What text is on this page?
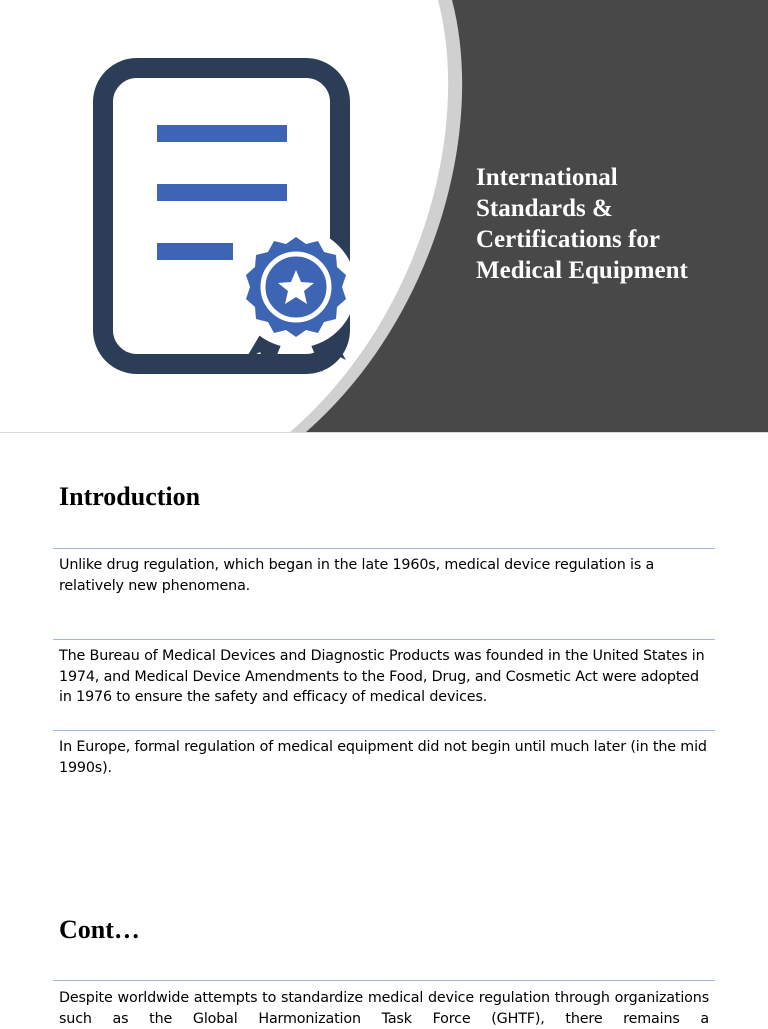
International
Standards &
Certifications for
Medical Equipment
Introduction

Unlike drug regulation, which began in the late 1960s, medical device regulation is a relatively new phenomena.

The Bureau of Medical Devices and Diagnostic Products was founded in the United States in 1974, and Medical Device Amendments to the Food, Drug, and Cosmetic Act were adopted in 1976 to ensure the safety and efficacy of medical devices.

In Europe, formal regulation of medical equipment did not begin until much later (in the mid 1990s).

Cont…

Despite worldwide attempts to standardize medical device regulation through organizations such as the Global Harmonization Task Force (GHTF), there remains a
